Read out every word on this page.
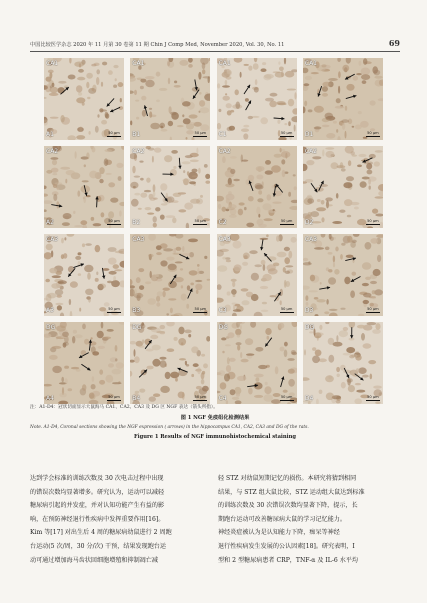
中国比较医学杂志 2020 年 11 月第 30 卷第 11 期 Chin J Comp Med, November 2020, Vol. 30, No. 11	69
CA1
A1	50 μm
CA1
B1	50 μm
CA1
C1	50 μm
CA1
D1	50 μm
CA2
A2	50 μm
CA2
B2	50 μm
CA2
C2	50 μm
CA2
D2	50 μm
CA3
A3	50 μm
CA3
B3	50 μm
CA3
C3	50 μm
CA3
D3	50 μm
DG
A4	50 μm
DG
B4	50 μm
DG
C4	50 μm
DG
D4	50 μm

注：A1-D4：冠状切面显示大鼠海马 CA1、CA2、CA3 及 DG 区 NGF 表达（箭头所指）。

图 1 NGF 免疫组化检测结果

Note. A1-D4, Coronal sections showing the NGF expression ( arrows) in the hippocampus CA1, CA2, CA3 and DG of the rats.

Figure 1 Results of NGF immunohistochemical staining

达到学会标准的训练次数及 30 次电击过程中出现

的错误次数均显著增多。研究认为，运动可以减轻

糖尿病引起的并发症，并对认知功能产生有益的影

响，在预防神经退行性疾病中发挥重要作用[16]。

Kim 等[17] 对出生后 4 周的糖尿病幼鼠进行 2 周跑

台运动(5 次/周，30 分/次) 干预，结果发现跑台运

动可通过增加海马齿状回细胞增殖和抑制凋亡减

轻 STZ 对幼鼠短期记忆的损伤。本研究将猜到相同

结果，与 STZ 组大鼠比较，STZ 运动组大鼠达到标准

的训练次数及 30 次错误次数均显著下降，提示，长

期跑台运动可改善糖尿病大鼠的学习记忆能力。

神经炎症被认为是认知能力下降，痴呆等神经

退行性疾病发生发展的公认因素[18]。研究表明，I

型和 2 型糖尿病患者 CRP，TNF-α 及 IL-6 水平均
